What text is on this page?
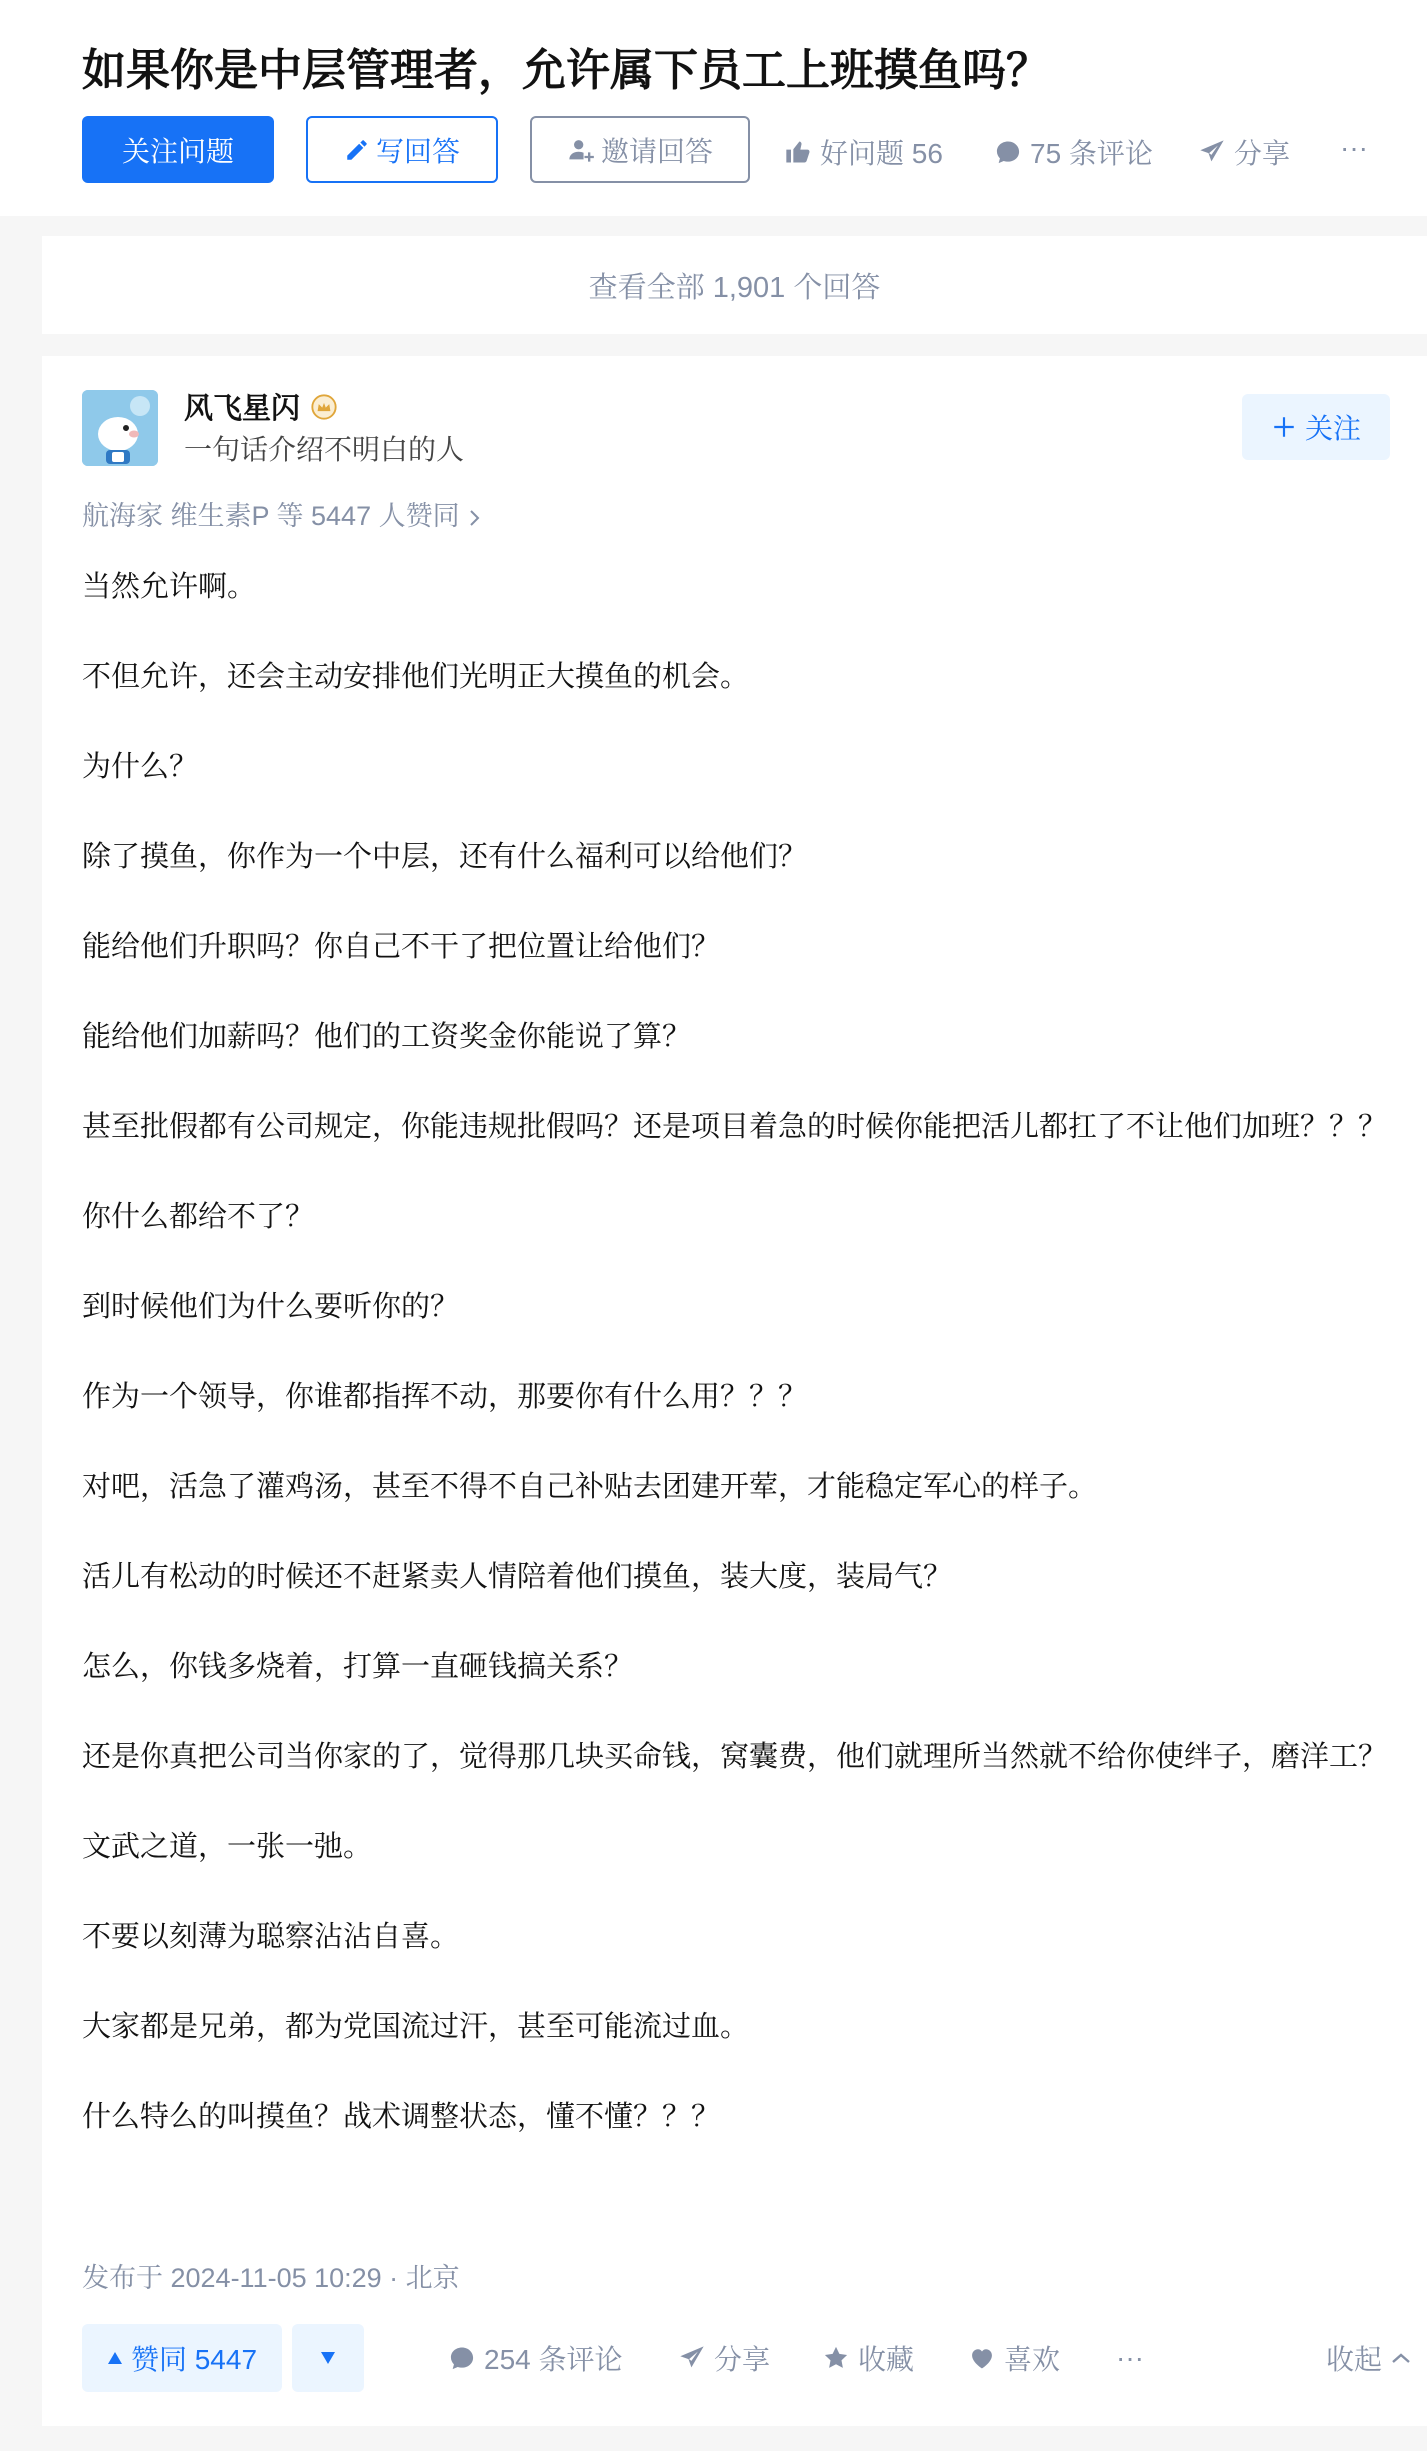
如果你是中层管理者，允许属下员工上班摸鱼吗？
关注问题	写回答	邀请回答	好问题 56	75 条评论	分享 ···
查看全部 1,901 个回答
风飞星闪
一句话介绍不明白的人
关注
航海家 维生素P 等 5447 人赞同

当然允许啊。

不但允许，还会主动安排他们光明正大摸鱼的机会。

为什么？

除了摸鱼，你作为一个中层，还有什么福利可以给他们？

能给他们升职吗？你自己不干了把位置让给他们？

能给他们加薪吗？他们的工资奖金你能说了算？

甚至批假都有公司规定，你能违规批假吗？还是项目着急的时候你能把活儿都扛了不让他们加班？？？

你什么都给不了？

到时候他们为什么要听你的？

作为一个领导，你谁都指挥不动，那要你有什么用？？？

对吧，活急了灌鸡汤，甚至不得不自己补贴去团建开荤，才能稳定军心的样子。

活儿有松动的时候还不赶紧卖人情陪着他们摸鱼，装大度，装局气？

怎么，你钱多烧着，打算一直砸钱搞关系？

还是你真把公司当你家的了，觉得那几块买命钱，窝囊费，他们就理所当然就不给你使绊子，磨洋工？

文武之道，一张一弛。

不要以刻薄为聪察沾沾自喜。

大家都是兄弟，都为党国流过汗，甚至可能流过血。

什么特么的叫摸鱼？战术调整状态，懂不懂？？？

发布于 2024-11-05 10:29 · 北京
赞同 5447	254 条评论	分享	收藏	喜欢 ···	收起
